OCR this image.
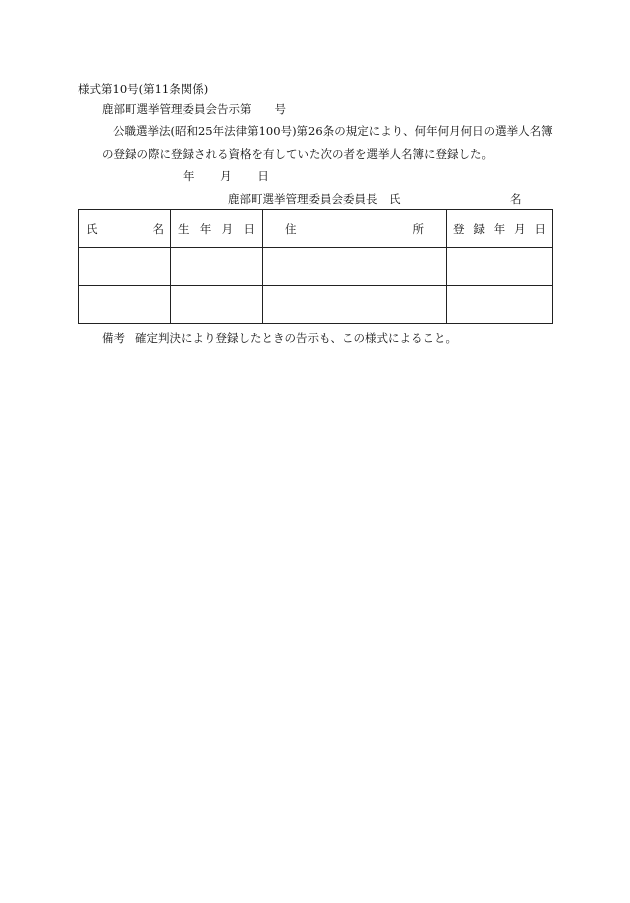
様式第10号(第11条関係)
鹿部町選挙管理委員会告示第　　号
公職選挙法(昭和25年法律第100号)第26条の規定により、何年何月何日の選挙人名簿
の登録の際に登録される資格を有していた次の者を選挙人名簿に登録した。
年 月 日
鹿部町選挙管理委員会委員長　氏	名
氏 名	生 年 月 日	住 所	登 録 年 月 日

備考 確定判決により登録したときの告示も、この様式によること。
